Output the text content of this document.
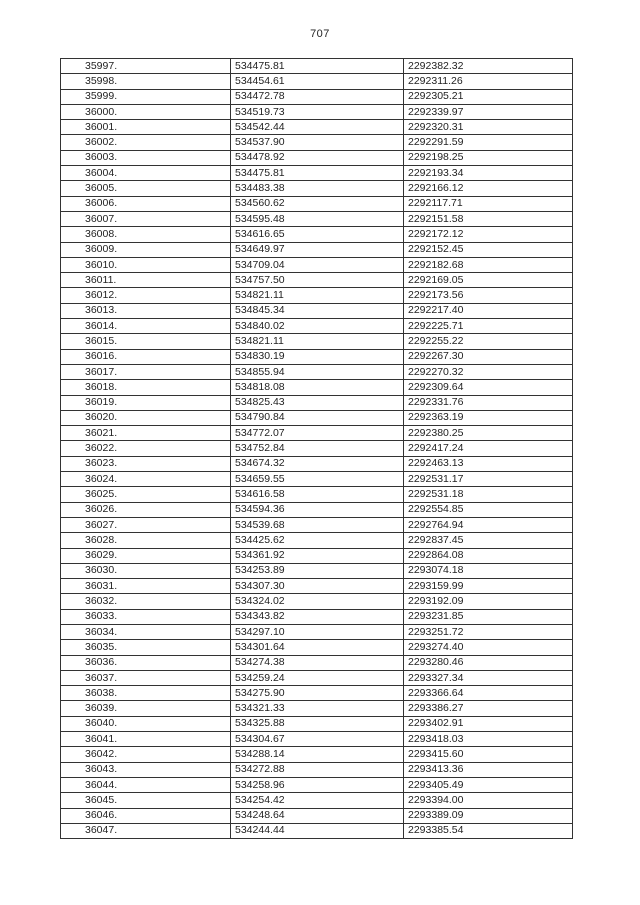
707
35997.	534475.81	2292382.32
35998.	534454.61	2292311.26
35999.	534472.78	2292305.21
36000.	534519.73	2292339.97
36001.	534542.44	2292320.31
36002.	534537.90	2292291.59
36003.	534478.92	2292198.25
36004.	534475.81	2292193.34
36005.	534483.38	2292166.12
36006.	534560.62	2292117.71
36007.	534595.48	2292151.58
36008.	534616.65	2292172.12
36009.	534649.97	2292152.45
36010.	534709.04	2292182.68
36011.	534757.50	2292169.05
36012.	534821.11	2292173.56
36013.	534845.34	2292217.40
36014.	534840.02	2292225.71
36015.	534821.11	2292255.22
36016.	534830.19	2292267.30
36017.	534855.94	2292270.32
36018.	534818.08	2292309.64
36019.	534825.43	2292331.76
36020.	534790.84	2292363.19
36021.	534772.07	2292380.25
36022.	534752.84	2292417.24
36023.	534674.32	2292463.13
36024.	534659.55	2292531.17
36025.	534616.58	2292531.18
36026.	534594.36	2292554.85
36027.	534539.68	2292764.94
36028.	534425.62	2292837.45
36029.	534361.92	2292864.08
36030.	534253.89	2293074.18
36031.	534307.30	2293159.99
36032.	534324.02	2293192.09
36033.	534343.82	2293231.85
36034.	534297.10	2293251.72
36035.	534301.64	2293274.40
36036.	534274.38	2293280.46
36037.	534259.24	2293327.34
36038.	534275.90	2293366.64
36039.	534321.33	2293386.27
36040.	534325.88	2293402.91
36041.	534304.67	2293418.03
36042.	534288.14	2293415.60
36043.	534272.88	2293413.36
36044.	534258.96	2293405.49
36045.	534254.42	2293394.00
36046.	534248.64	2293389.09
36047.	534244.44	2293385.54
